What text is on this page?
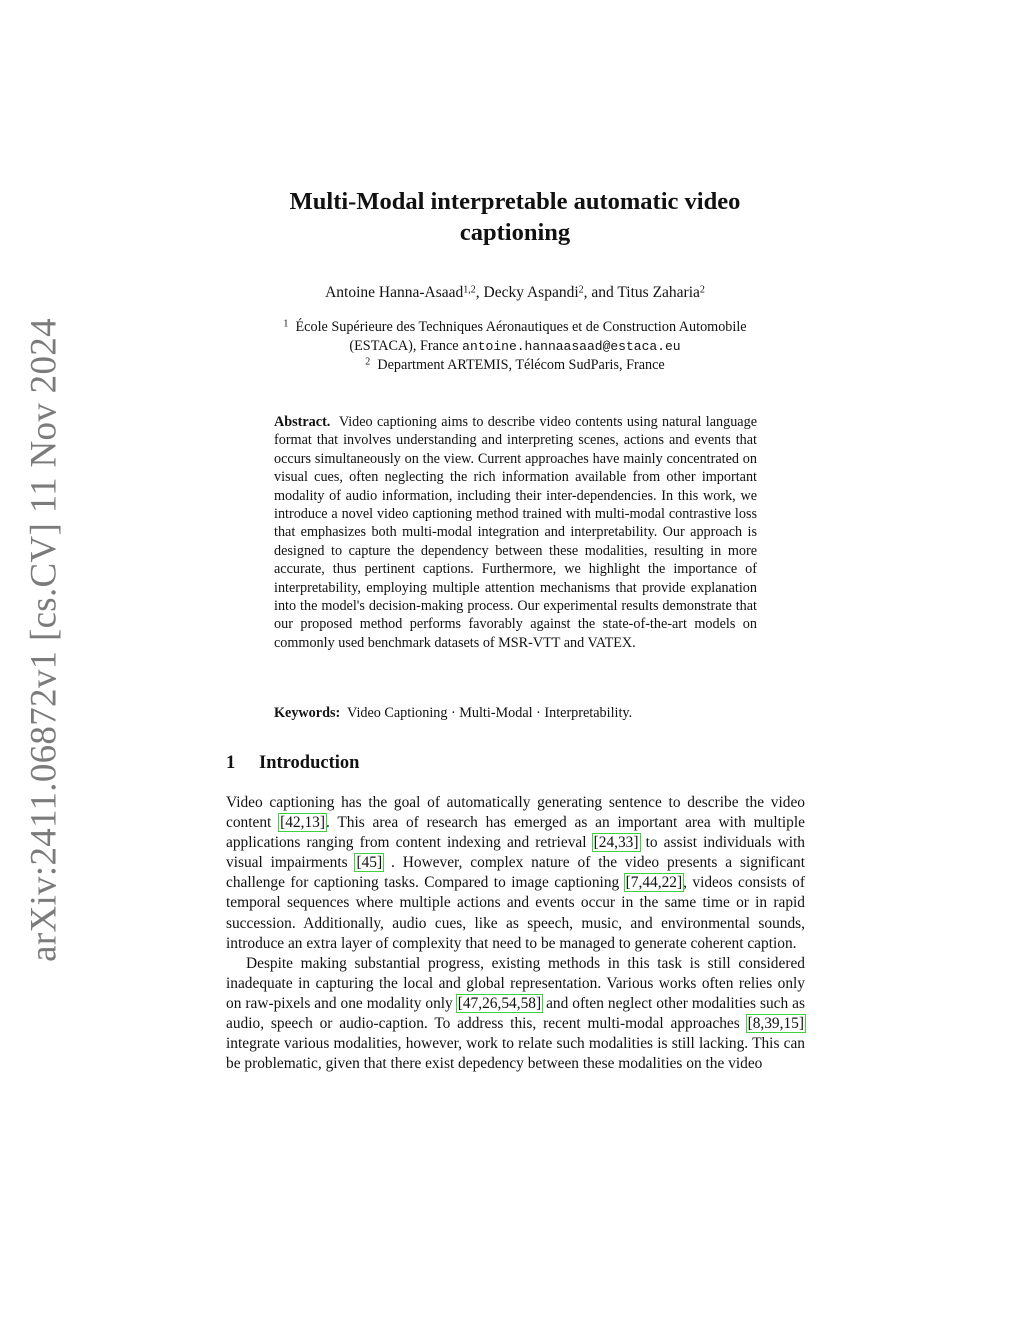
arXiv:2411.06872v1 [cs.CV] 11 Nov 2024
Multi-Modal interpretable automatic video
captioning
Antoine Hanna-Asaad$^{1,2}$, Decky Aspandi$^2$, and Titus Zaharia$^2$
$^1$ École Supérieure des Techniques Aéronautiques et de Construction Automobile
(ESTACA), France antoine.hannaasaad@estaca.eu
$^2$ Department ARTEMIS, Télécom SudParis, France
Abstract. Video captioning aims to describe video contents using natural language format that involves understanding and interpreting scenes, actions and events that occurs simultaneously on the view. Current approaches have mainly concentrated on visual cues, often neglecting the rich information available from other important modality of audio information, including their inter-dependencies. In this work, we introduce a novel video captioning method trained with multi-modal contrastive loss that emphasizes both multi-modal integration and interpretability. Our approach is designed to capture the dependency between these modalities, resulting in more accurate, thus pertinent captions. Furthermore, we highlight the importance of interpretability, employing multiple attention mechanisms that provide explanation into the model's decision-making process. Our experimental results demonstrate that our proposed method performs favorably against the state-of-the-art models on commonly used benchmark datasets of MSR-VTT and VATEX.
Keywords: Video Captioning · Multi-Modal · Interpretability.
1 Introduction

Video captioning has the goal of automatically generating sentence to describe the video content [42,13]. This area of research has emerged as an important area with multiple applications ranging from content indexing and retrieval [24,33] to assist individuals with visual impairments [45] . However, complex nature of the video presents a significant challenge for captioning tasks. Compared to image captioning [7,44,22], videos consists of temporal sequences where multiple actions and events occur in the same time or in rapid succession. Additionally, audio cues, like as speech, music, and environmental sounds, introduce an extra layer of complexity that need to be managed to generate coherent caption.

Despite making substantial progress, existing methods in this task is still considered inadequate in capturing the local and global representation. Various works often relies only on raw-pixels and one modality only [47,26,54,58] and often neglect other modalities such as audio, speech or audio-caption. To address this, recent multi-modal approaches [8,39,15] integrate various modalities, however, work to relate such modalities is still lacking. This can be problematic, given that there exist depedency between these modalities on the video
